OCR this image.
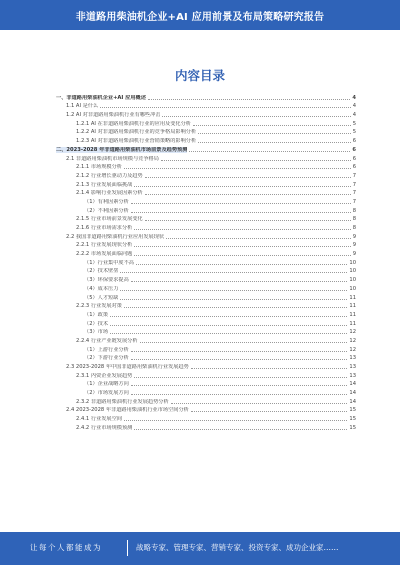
非道路用柴油机企业+AI 应用前景及布局策略研究报告
内容目录
一、非道路用柴油机企业+AI 应用概述	4
1.1 AI 是什么	4
1.2 AI 对非道路用柴油机行业有哪些冲击	4
1.2.1 AI 在非道路用柴油机行业的应用及变化分析	5
1.2.2 AI 对非道路用柴油机行业的竞争格局影响分析	5
1.2.3 AI 对非道路用柴油机行业营销策略的影响分析	6
二、2023-2028 年非道路用柴油机市场前景及趋势预测	6
2.1 非道路用柴油机市场规模与竞争格局	6
2.1.1 市场规模分析	6
2.1.2 行业增长驱动力及趋势	7
2.1.3 行业发展面临挑战	7
2.1.4 影响行业发展因素分析	7
（1）有利因素分析	7
（2）不利因素分析	8
2.1.5 行业市场前景发展变化	8
2.1.6 行业市场需求分析	8
2.2 我国非道路用柴油机行业应用发展现状	9
2.2.1 行业发展现状分析	9
2.2.2 市场发展面临问题	9
（1）行业集中度不高	10
（2）技术壁垒	10
（3）环保要求提高	10
（4）成本压力	10
（5）人才短缺	11
2.2.3 行业发展对策	11
（1）政策	11
（2）技术	11
（3）市场	12
2.2.4 行业产业链发展分析	12
（1）上游行业分析	12
（2）下游行业分析	13
2.3 2023-2028 年中国非道路用柴油机行业发展趋势	13
2.3.1 内资企业发展趋势	13
（1）企业战略方向	14
（2）市场发展方向	14
2.3.2 非道路用柴油机行业发展趋势分析	14
2.4 2023-2028 年非道路用柴油机行业市场空间分析	15
2.4.1 行业发展空间	15
2.4.2 行业市场规模预测	15
让每个人都能成为	战略专家、管理专家、营销专家、投资专家、成功企业家……
